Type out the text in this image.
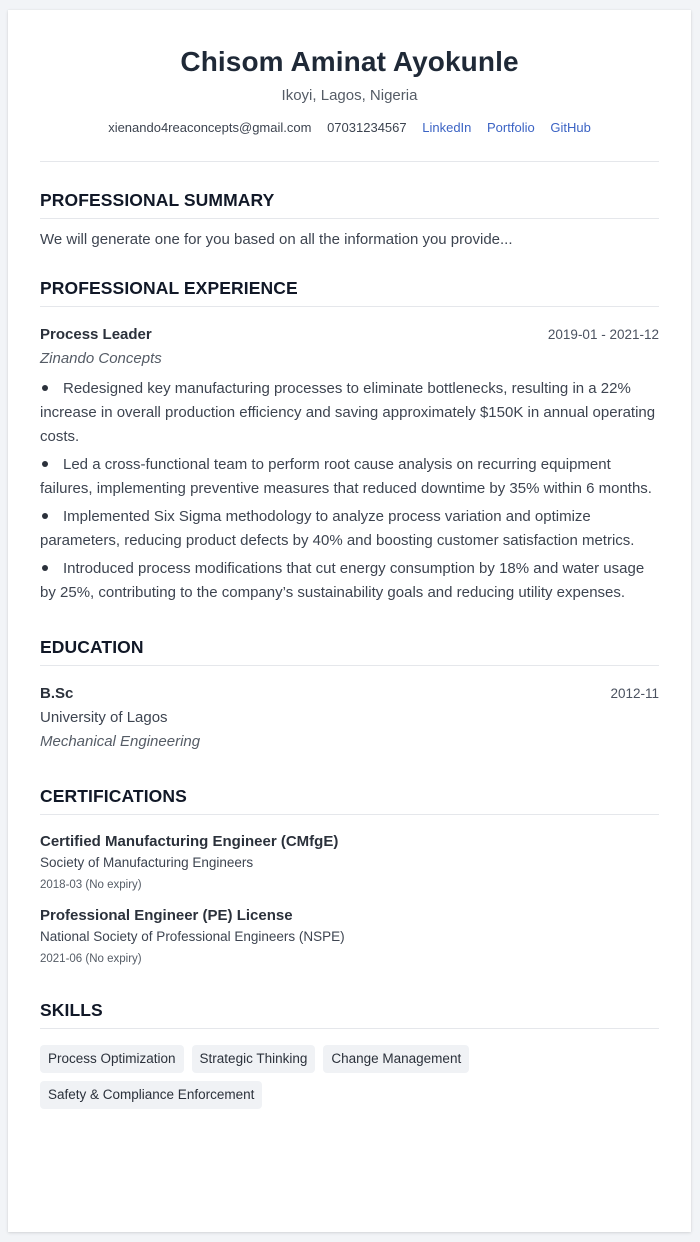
Chisom Aminat Ayokunle
Ikoyi, Lagos, Nigeria
xienando4reaconcepts@gmail.com 07031234567 LinkedIn Portfolio GitHub
PROFESSIONAL SUMMARY
We will generate one for you based on all the information you provide...
PROFESSIONAL EXPERIENCE
Process Leader	2019-01 - 2021-12
Zinando Concepts
Redesigned key manufacturing processes to eliminate bottlenecks, resulting in a 22% increase in overall production efficiency and saving approximately $150K in annual operating costs.
Led a cross-functional team to perform root cause analysis on recurring equipment failures, implementing preventive measures that reduced downtime by 35% within 6 months.
Implemented Six Sigma methodology to analyze process variation and optimize parameters, reducing product defects by 40% and boosting customer satisfaction metrics.
Introduced process modifications that cut energy consumption by 18% and water usage by 25%, contributing to the company’s sustainability goals and reducing utility expenses.
EDUCATION
B.Sc	2012-11
University of Lagos
Mechanical Engineering
CERTIFICATIONS
Certified Manufacturing Engineer (CMfgE)
Society of Manufacturing Engineers
2018-03 (No expiry)
Professional Engineer (PE) License
National Society of Professional Engineers (NSPE)
2021-06 (No expiry)
SKILLS
Process Optimization	Strategic Thinking	Change Management
Safety & Compliance Enforcement
